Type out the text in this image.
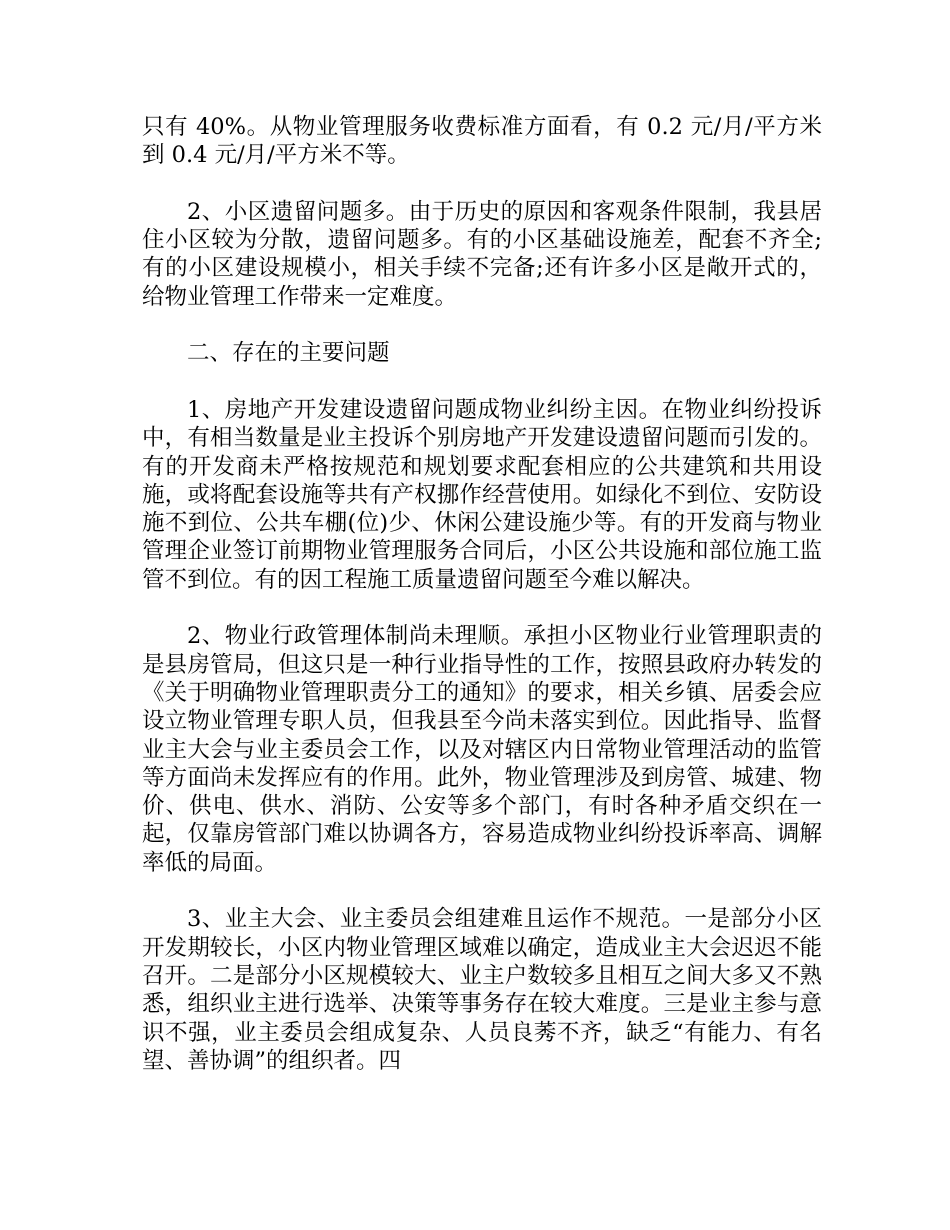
只有 40%。从物业管理服务收费标准方面看，有 0.2 元/月/平方米到 0.4 元/月/平方米不等。

2、小区遗留问题多。由于历史的原因和客观条件限制，我县居住小区较为分散，遗留问题多。有的小区基础设施差，配套不齐全;有的小区建设规模小，相关手续不完备;还有许多小区是敞开式的，给物业管理工作带来一定难度。

二、存在的主要问题

1、房地产开发建设遗留问题成物业纠纷主因。在物业纠纷投诉中，有相当数量是业主投诉个别房地产开发建设遗留问题而引发的。有的开发商未严格按规范和规划要求配套相应的公共建筑和共用设施，或将配套设施等共有产权挪作经营使用。如绿化不到位、安防设施不到位、公共车棚(位)少、休闲公建设施少等。有的开发商与物业管理企业签订前期物业管理服务合同后，小区公共设施和部位施工监管不到位。有的因工程施工质量遗留问题至今难以解决。

2、物业行政管理体制尚未理顺。承担小区物业行业管理职责的是县房管局，但这只是一种行业指导性的工作，按照县政府办转发的《关于明确物业管理职责分工的通知》的要求，相关乡镇、居委会应设立物业管理专职人员，但我县至今尚未落实到位。因此指导、监督业主大会与业主委员会工作，以及对辖区内日常物业管理活动的监管等方面尚未发挥应有的作用。此外，物业管理涉及到房管、城建、物价、供电、供水、消防、公安等多个部门，有时各种矛盾交织在一起，仅靠房管部门难以协调各方，容易造成物业纠纷投诉率高、调解率低的局面。

3、业主大会、业主委员会组建难且运作不规范。一是部分小区开发期较长，小区内物业管理区域难以确定，造成业主大会迟迟不能召开。二是部分小区规模较大、业主户数较多且相互之间大多又不熟悉，组织业主进行选举、决策等事务存在较大难度。三是业主参与意识不强，业主委员会组成复杂、人员良莠不齐，缺乏“有能力、有名望、善协调”的组织者。四
